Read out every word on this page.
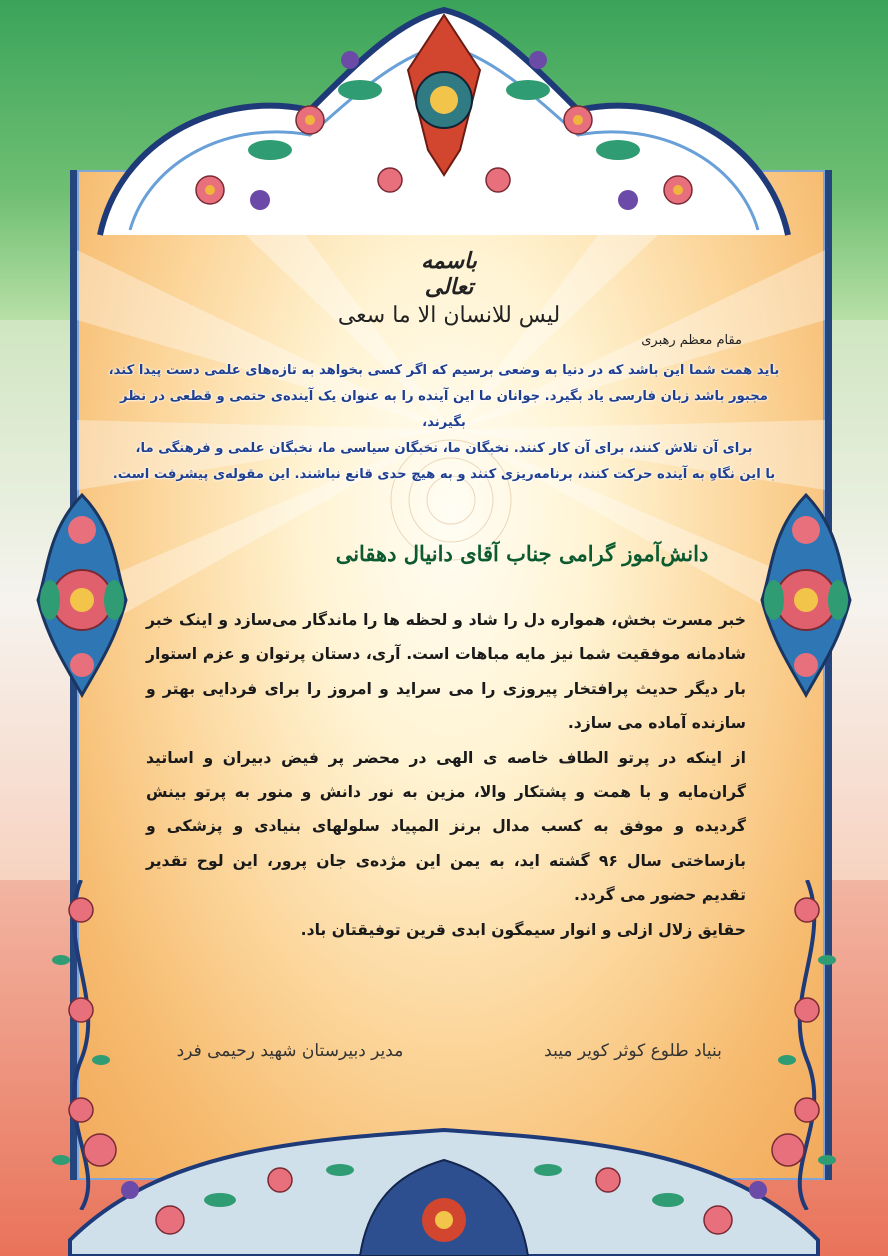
باسمه تعالی
لیس للانسان الا ما سعی
مقام معظم رهبری
باید همت شما این باشد که در دنیا به وضعی برسیم که اگر کسی بخواهد به تازه‌های علمی دست پیدا کند،
مجبور باشد زبان فارسی یاد بگیرد. جوانان ما این آینده را به عنوان یک آینده‌ی حتمی و قطعی در نظر بگیرند،
برای آن تلاش کنند، برای آن کار کنند. نخبگان ما، نخبگان سیاسی ما، نخبگان علمی و فرهنگی ما،
با این نگاهِ به آینده حرکت کنند، برنامه‌ریزی کنند و به هیچ حدی قانع نباشند. این مقوله‌ی پیشرفت است.
دانش‌آموز گرامی جناب آقای دانیال دهقانی

خبر مسرت بخش، همواره دل را شاد و لحظه ها را ماندگار می‌سازد و اینک خبر شادمانه موفقیت شما نیز مایه مباهات است. آری، دستان پرتوان و عزم استوار بار دیگر حدیث پرافتخار پیروزی را می سراید و امروز را برای فردایی بهتر و سازنده آماده می سازد.

از اینکه در پرتو الطاف خاصه ی الهی در محضر پر فیض دبیران و اساتید گران‌مایه و با همت و پشتکار والا، مزین به نور دانش و منور به پرتو بینش گردیده و موفق به کسب مدال برنز المپیاد سلولهای بنیادی و پزشکی و بازساختی سال ۹۶ گشته اید، به یمن این مژده‌ی جان پرور، این لوح تقدیر تقدیم حضور می گردد.

حقایق زلال ازلی و انوار سیمگون ابدی قرین توفیقتان باد.

بنیاد طلوع کوثر کویر میبد
مدیر دبیرستان شهید رحیمی فرد
